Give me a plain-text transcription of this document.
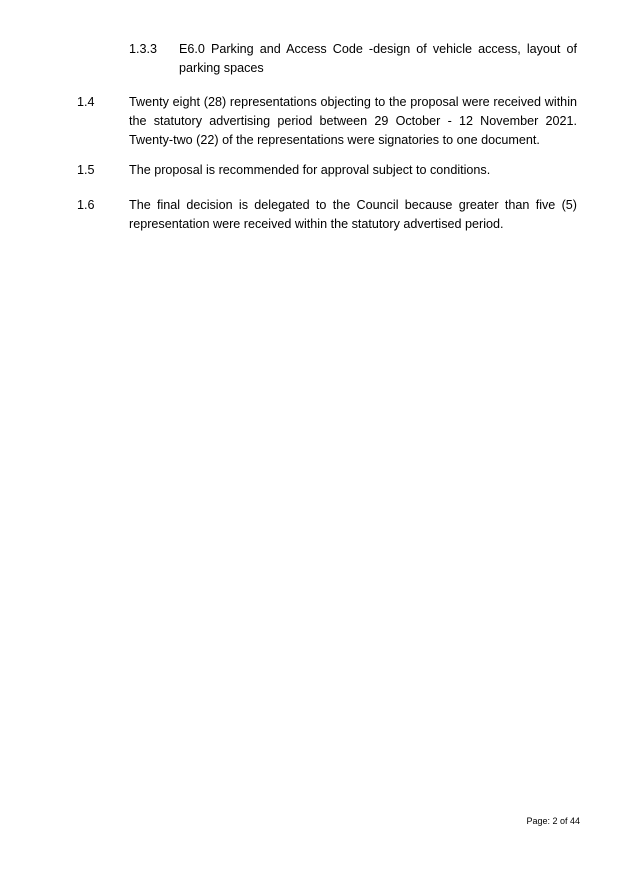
1.3.3 E6.0 Parking and Access Code -design of vehicle access, layout of parking spaces
1.4	Twenty eight (28) representations objecting to the proposal were received within the statutory advertising period between 29 October - 12 November 2021. Twenty-two (22) of the representations were signatories to one document.
1.5	The proposal is recommended for approval subject to conditions.
1.6	The final decision is delegated to the Council because greater than five (5) representation were received within the statutory advertised period.
Page: 2 of 44
